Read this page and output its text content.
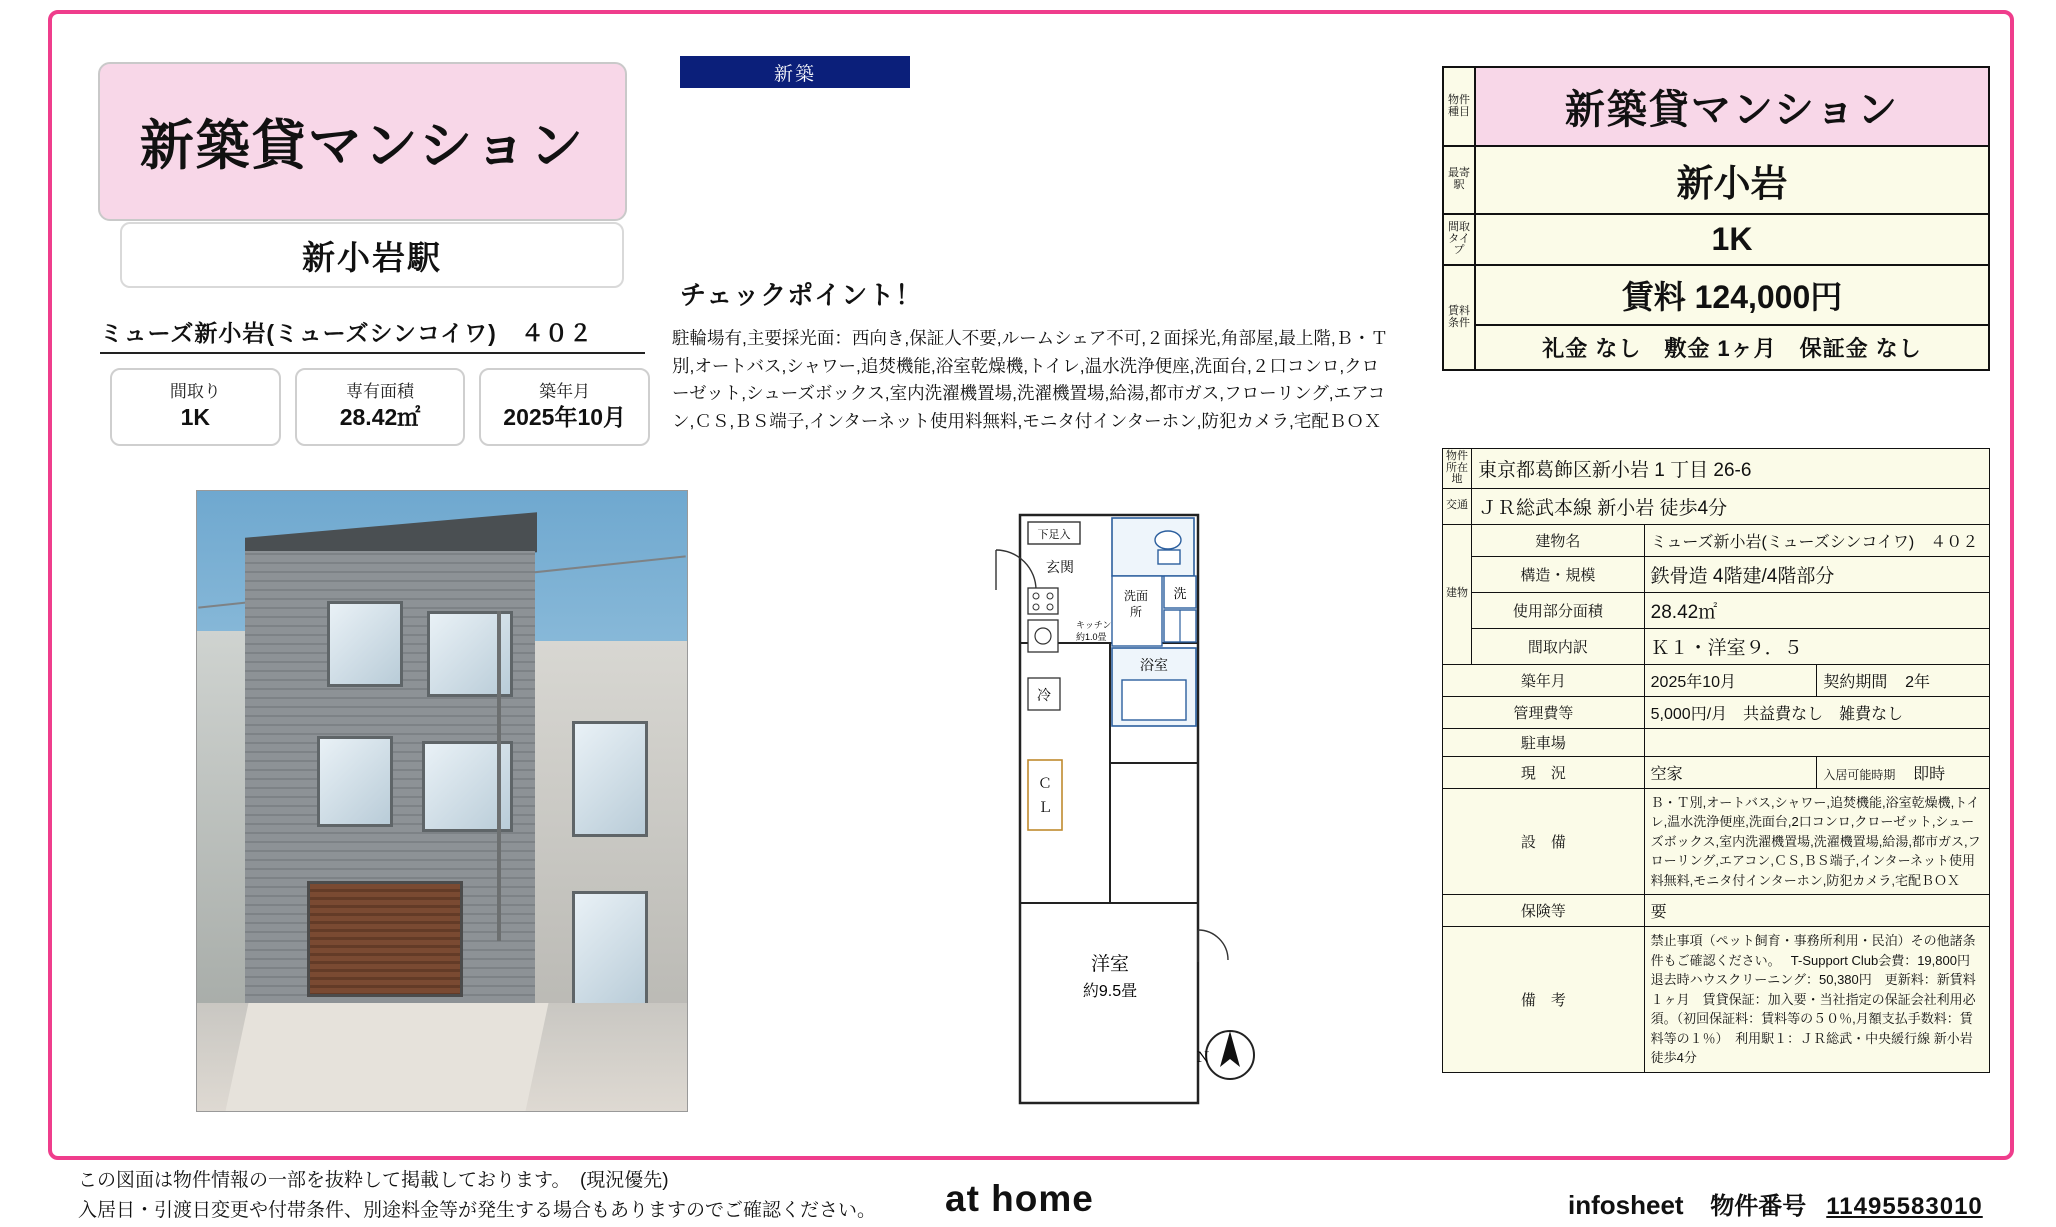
新築貸マンション
新小岩駅
ミューズ新小岩(ミューズシンコイワ)　４０２
間取り
1K
専有面積
28.42㎡
築年月
2025年10月
新築
チェックポイント！
駐輪場有,主要採光面：西向き,保証人不要,ルームシェア不可,２面採光,角部屋,最上階,Ｂ・Ｔ別,オートバス,シャワー,追焚機能,浴室乾燥機,トイレ,温水洗浄便座,洗面台,２口コンロ,クローゼット,シューズボックス,室内洗濯機置場,洗濯機置場,給湯,都市ガス,フローリング,エアコン,ＣＳ,ＢＳ端子,インターネット使用料無料,モニタ付インターホン,防犯カメラ,宅配ＢＯＸ
下足入
玄関
洗面
所
洗
浴室
キッチン
約1.0畳
冷
Ｃ
Ｌ
洋室
約9.5畳
Ｎ
物件種目	新築貸マンション
最寄駅	新小岩
間取タイプ	1K
賃料条件	賃料 124,000円
	礼金 なし　敷金 1ヶ月　保証金 なし
物件所在地	東京都葛飾区新小岩 1 丁目 26-6		
交通	ＪＲ総武本線 新小岩 徒歩4分		
建物	建物名	ミューズ新小岩(ミューズシンコイワ)　４０２	
	構造・規模	鉄骨造 4階建/4階部分	
	使用部分面積	28.42㎡	
	間取内訳	Ｋ１・洋室９．５	
築年月		2025年10月	契約期間 2年
管理費等		5,000円/月　共益費なし　雑費なし	
駐車場			
現　況		空家	入居可能時期 即時
設　備		Ｂ・Ｔ別,オートバス,シャワー,追焚機能,浴室乾燥機,トイレ,温水洗浄便座,洗面台,2口コンロ,クローゼット,シューズボックス,室内洗濯機置場,洗濯機置場,給湯,都市ガス,フローリング,エアコン,ＣＳ,ＢＳ端子,インターネット使用料無料,モニタ付インターホン,防犯カメラ,宅配ＢＯＸ	
保険等		要	
備　考		禁止事項（ペット飼育・事務所利用・民泊）その他諸条件もご確認ください。　 T-Support Club会費：19,800円　退去時ハウスクリーニング：50,380円　更新料：新賃料１ヶ月　賃貸保証：加入要・当社指定の保証会社利用必須。（初回保証料：賃料等の５０％,月額支払手数料：賃料等の１％）　利用駅１：ＪＲ総武・中央緩行線 新小岩 徒歩4分	
この図面は物件情報の一部を抜粋して掲載しております。　(現況優先)
入居日・引渡日変更や付帯条件、別途料金等が発生する場合もありますのでご確認ください。 at home	infosheet 物件番号 11495583010
